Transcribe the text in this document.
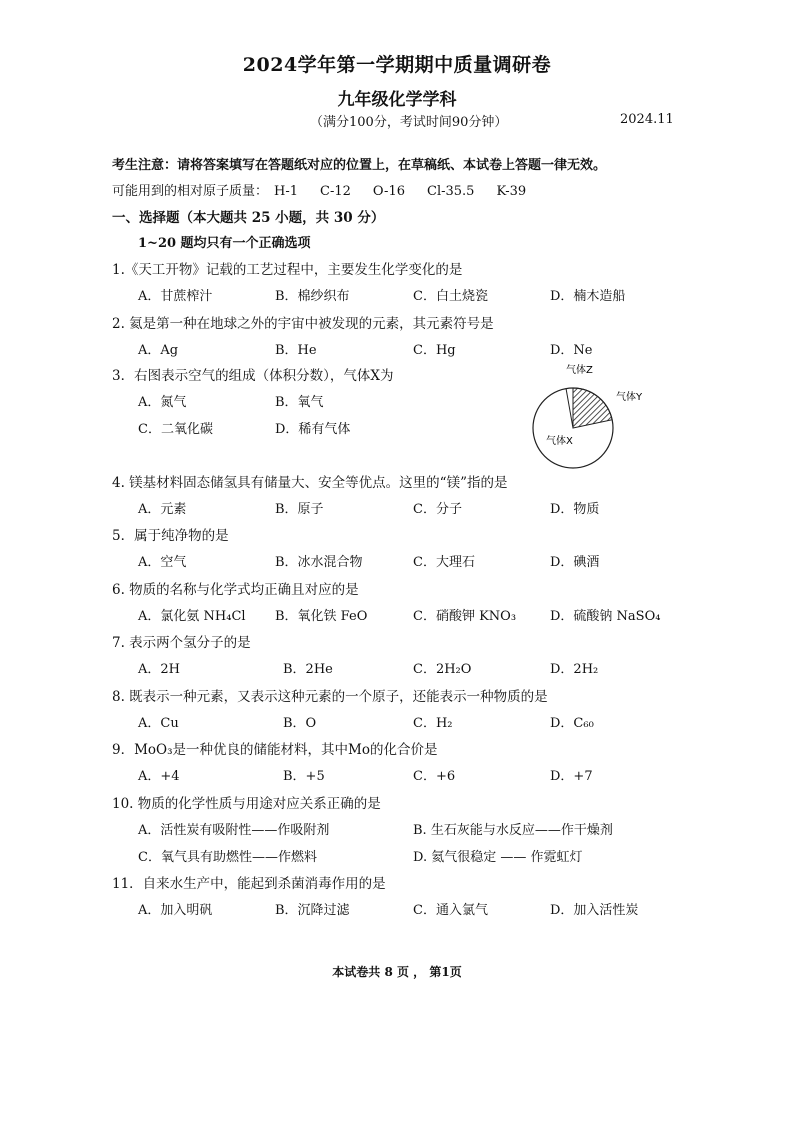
2024学年第一学期期中质量调研卷
九年级化学学科
（满分100分，考试时间90分钟）	2024.11
考生注意：请将答案填写在答题纸对应的位置上，在草稿纸、本试卷上答题一律无效。
可能用到的相对原子质量： H-1 C-12 O-16 Cl-35.5 K-39
一、选择题（本大题共 25 小题，共 30 分）
1~20 题均只有一个正确选项
1.《天工开物》记载的工艺过程中，主要发生化学变化的是
A．甘蔗榨汁	B．棉纱织布	C．白土烧瓷	D．楠木造船
2. 氦是第一种在地球之外的宇宙中被发现的元素，其元素符号是
A．Ag	B．He	C．Hg	D．Ne
3．右图表示空气的组成（体积分数），气体X为
A．氮气	B．氧气
C．二氧化碳	D．稀有气体
气体Z
气体Y
气体X
4. 镁基材料固态储氢具有储量大、安全等优点。这里的“镁”指的是
A．元素	B．原子	C．分子	D．物质
5．属于纯净物的是
A．空气	B．冰水混合物	C．大理石	D．碘酒
6. 物质的名称与化学式均正确且对应的是
A．氯化氨 NH₄Cl B．氧化铁 FeO	C．硝酸钾 KNO₃	D．硫酸钠 NaSO₄
7. 表示两个氢分子的是
A．2H	B．2He	C．2H₂O	D．2H₂
8. 既表示一种元素，又表示这种元素的一个原子，还能表示一种物质的是
A．Cu	B．O	C．H₂	D．C₆₀
9．MoO₃是一种优良的储能材料，其中Mo的化合价是
A．+4	B．+5	C．+6	D．+7
10. 物质的化学性质与用途对应关系正确的是
A．活性炭有吸附性——作吸附剂	B. 生石灰能与水反应——作干燥剂
C．氧气具有助燃性——作燃料	D. 氦气很稳定 —— 作霓虹灯
11．自来水生产中，能起到杀菌消毒作用的是
A．加入明矾	B．沉降过滤	C．通入氯气	D．加入活性炭
本试卷共 8 页 ， 第1页
